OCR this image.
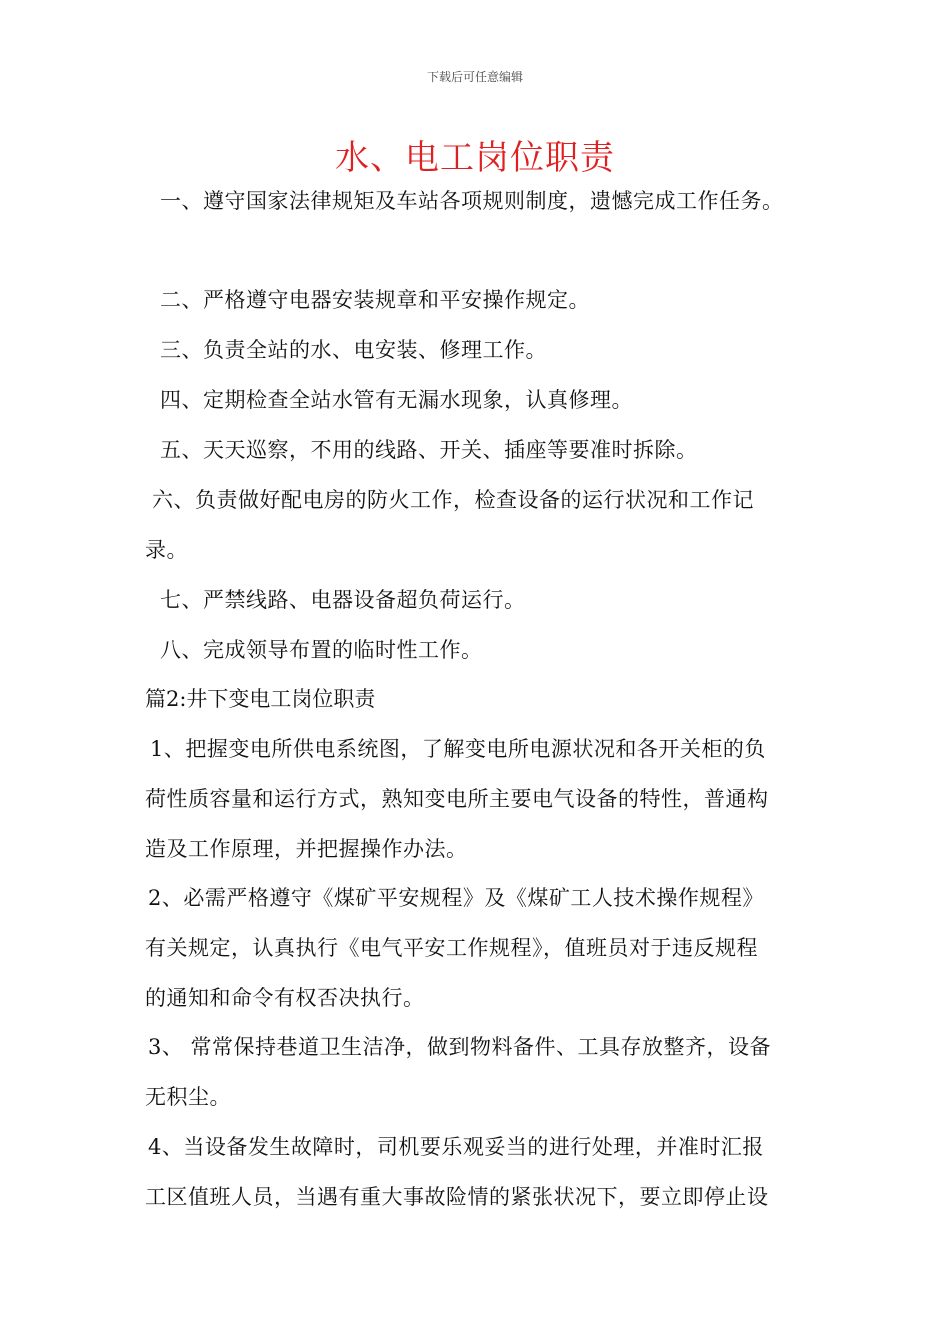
下载后可任意编辑
水、电工岗位职责
一、遵守国家法律规矩及车站各项规则制度，遗憾完成工作任务。
二、严格遵守电器安装规章和平安操作规定。
三、负责全站的水、电安装、修理工作。
四、定期检查全站水管有无漏水现象，认真修理。
五、天天巡察，不用的线路、开关、插座等要准时拆除。
六、负责做好配电房的防火工作，检查设备的运行状况和工作记
录。
七、严禁线路、电器设备超负荷运行。
八、完成领导布置的临时性工作。
篇2:井下变电工岗位职责
1、把握变电所供电系统图，了解变电所电源状况和各开关柜的负
荷性质容量和运行方式，熟知变电所主要电气设备的特性，普通构
造及工作原理，并把握操作办法。
2、必需严格遵守《煤矿平安规程》及《煤矿工人技术操作规程》
有关规定，认真执行《电气平安工作规程》，值班员对于违反规程
的通知和命令有权否决执行。
3、 常常保持巷道卫生洁净，做到物料备件、工具存放整齐，设备
无积尘。
4、当设备发生故障时，司机要乐观妥当的进行处理，并准时汇报
工区值班人员，当遇有重大事故险情的紧张状况下，要立即停止设
